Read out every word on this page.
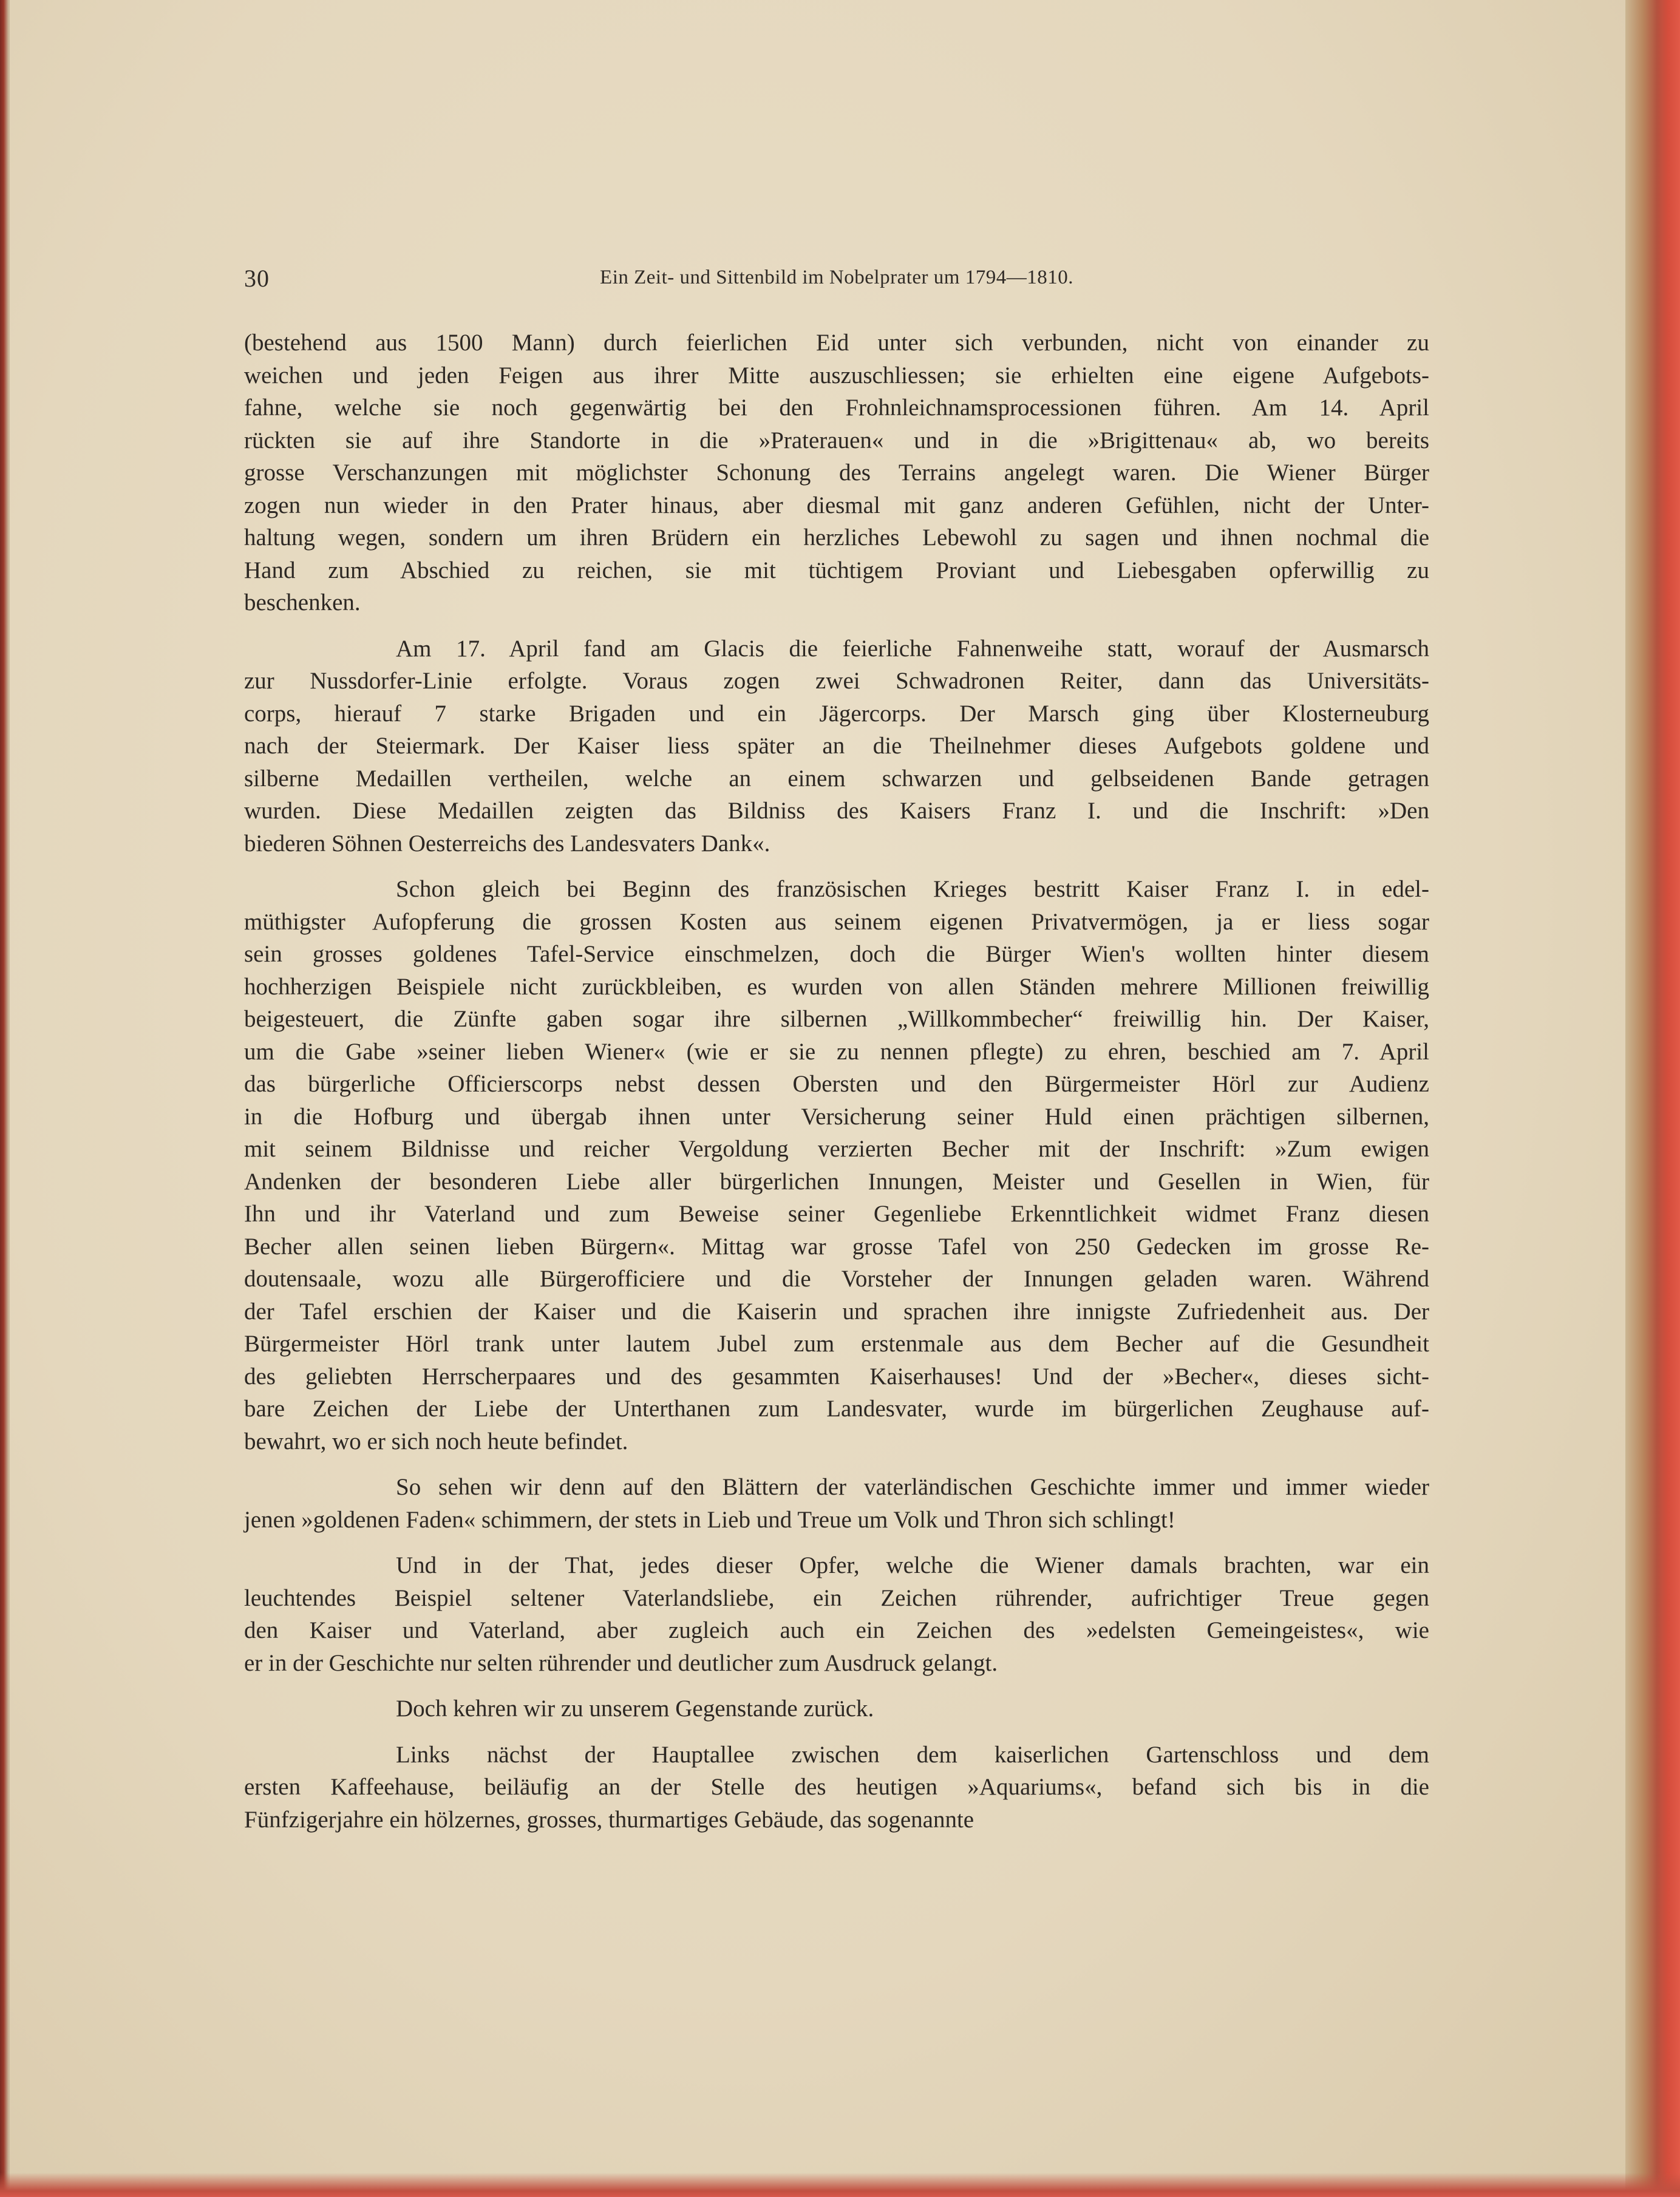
30	Ein Zeit- und Sittenbild im Nobelprater um 1794—1810.
(bestehend aus 1500 Mann) durch feierlichen Eid unter sich verbunden, nicht von einander zu
weichen und jeden Feigen aus ihrer Mitte auszuschliessen; sie erhielten eine eigene Aufgebots-
fahne, welche sie noch gegenwärtig bei den Frohnleichnamsprocessionen führen. Am 14. April
rückten sie auf ihre Standorte in die »Praterauen« und in die »Brigittenau« ab, wo bereits
grosse Verschanzungen mit möglichster Schonung des Terrains angelegt waren. Die Wiener Bürger
zogen nun wieder in den Prater hinaus, aber diesmal mit ganz anderen Gefühlen, nicht der Unter-
haltung wegen, sondern um ihren Brüdern ein herzliches Lebewohl zu sagen und ihnen nochmal die
Hand zum Abschied zu reichen, sie mit tüchtigem Proviant und Liebesgaben opferwillig zu
beschenken.
Am 17. April fand am Glacis die feierliche Fahnenweihe statt, worauf der Ausmarsch
zur Nussdorfer-Linie erfolgte. Voraus zogen zwei Schwadronen Reiter, dann das Universitäts-
corps, hierauf 7 starke Brigaden und ein Jägercorps. Der Marsch ging über Klosterneuburg
nach der Steiermark. Der Kaiser liess später an die Theilnehmer dieses Aufgebots goldene und
silberne Medaillen vertheilen, welche an einem schwarzen und gelbseidenen Bande getragen
wurden. Diese Medaillen zeigten das Bildniss des Kaisers Franz I. und die Inschrift: »Den
biederen Söhnen Oesterreichs des Landesvaters Dank«.
Schon gleich bei Beginn des französischen Krieges bestritt Kaiser Franz I. in edel-
müthigster Aufopferung die grossen Kosten aus seinem eigenen Privatvermögen, ja er liess sogar
sein grosses goldenes Tafel-Service einschmelzen, doch die Bürger Wien's wollten hinter diesem
hochherzigen Beispiele nicht zurückbleiben, es wurden von allen Ständen mehrere Millionen freiwillig
beigesteuert, die Zünfte gaben sogar ihre silbernen „Willkommbecher“ freiwillig hin. Der Kaiser,
um die Gabe »seiner lieben Wiener« (wie er sie zu nennen pflegte) zu ehren, beschied am 7. April
das bürgerliche Officierscorps nebst dessen Obersten und den Bürgermeister Hörl zur Audienz
in die Hofburg und übergab ihnen unter Versicherung seiner Huld einen prächtigen silbernen,
mit seinem Bildnisse und reicher Vergoldung verzierten Becher mit der Inschrift: »Zum ewigen
Andenken der besonderen Liebe aller bürgerlichen Innungen, Meister und Gesellen in Wien, für
Ihn und ihr Vaterland und zum Beweise seiner Gegenliebe Erkenntlichkeit widmet Franz diesen
Becher allen seinen lieben Bürgern«. Mittag war grosse Tafel von 250 Gedecken im grosse Re-
doutensaale, wozu alle Bürgerofficiere und die Vorsteher der Innungen geladen waren. Während
der Tafel erschien der Kaiser und die Kaiserin und sprachen ihre innigste Zufriedenheit aus. Der
Bürgermeister Hörl trank unter lautem Jubel zum erstenmale aus dem Becher auf die Gesundheit
des geliebten Herrscherpaares und des gesammten Kaiserhauses! Und der »Becher«, dieses sicht-
bare Zeichen der Liebe der Unterthanen zum Landesvater, wurde im bürgerlichen Zeughause auf-
bewahrt, wo er sich noch heute befindet.
So sehen wir denn auf den Blättern der vaterländischen Geschichte immer und immer wieder
jenen »goldenen Faden« schimmern, der stets in Lieb und Treue um Volk und Thron sich schlingt!
Und in der That, jedes dieser Opfer, welche die Wiener damals brachten, war ein
leuchtendes Beispiel seltener Vaterlandsliebe, ein Zeichen rührender, aufrichtiger Treue gegen
den Kaiser und Vaterland, aber zugleich auch ein Zeichen des »edelsten Gemeingeistes«, wie
er in der Geschichte nur selten rührender und deutlicher zum Ausdruck gelangt.
Doch kehren wir zu unserem Gegenstande zurück.
Links nächst der Hauptallee zwischen dem kaiserlichen Gartenschloss und dem
ersten Kaffeehause, beiläufig an der Stelle des heutigen »Aquariums«, befand sich bis in die
Fünfzigerjahre ein hölzernes, grosses, thurmartiges Gebäude, das sogenannte
